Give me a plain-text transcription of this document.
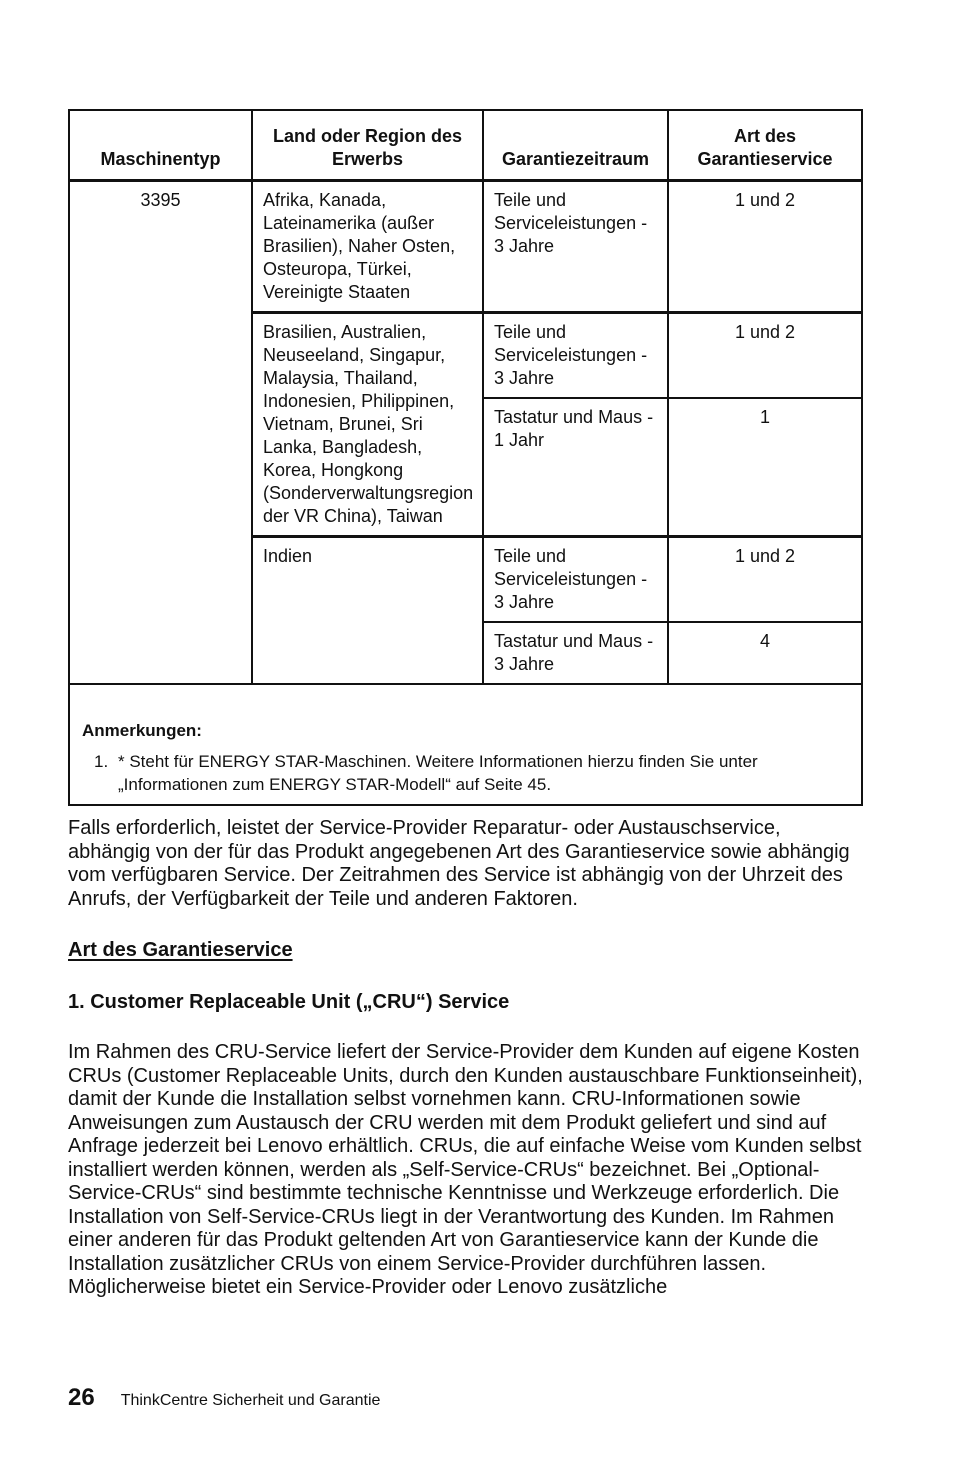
Maschinentyp	Land oder Region des Erwerbs	Garantiezeitraum	Art des Garantieservice
3395	Afrika, Kanada, Lateinamerika (außer Brasilien), Naher Osten, Osteuropa, Türkei, Vereinigte Staaten	Teile und Serviceleistungen - 3 Jahre	1 und 2
	Brasilien, Australien, Neuseeland, Singapur, Malaysia, Thailand, Indonesien, Philippinen, Vietnam, Brunei, Sri Lanka, Bangladesh, Korea, Hongkong (Sonderverwaltungsregion der VR China), Taiwan	Teile und Serviceleistungen - 3 Jahre	1 und 2
		Tastatur und Maus - 1 Jahr	1
	Indien	Teile und Serviceleistungen - 3 Jahre	1 und 2
		Tastatur und Maus - 3 Jahre	4

Anmerkungen:
1. * Steht für ENERGY STAR-Maschinen. Weitere Informationen hierzu finden Sie unter „Informationen zum ENERGY STAR-Modell“ auf Seite 45.			

Falls erforderlich, leistet der Service-Provider Reparatur- oder Austauschservice, abhängig von der für das Produkt angegebenen Art des Garantieservice sowie abhängig vom verfügbaren Service. Der Zeitrahmen des Service ist abhängig von der Uhrzeit des Anrufs, der Verfügbarkeit der Teile und anderen Faktoren.

Art des Garantieservice
1. Customer Replaceable Unit („CRU“) Service

Im Rahmen des CRU-Service liefert der Service-Provider dem Kunden auf eigene Kosten CRUs (Customer Replaceable Units, durch den Kunden austauschbare Funktionseinheit), damit der Kunde die Installation selbst vornehmen kann. CRU-Informationen sowie Anweisungen zum Austausch der CRU werden mit dem Produkt geliefert und sind auf Anfrage jederzeit bei Lenovo erhältlich. CRUs, die auf einfache Weise vom Kunden selbst installiert werden können, werden als „Self-Service-CRUs“ bezeichnet. Bei „Optional-Service-CRUs“ sind bestimmte technische Kenntnisse und Werkzeuge erforderlich. Die Installation von Self-Service-CRUs liegt in der Verantwortung des Kunden. Im Rahmen einer anderen für das Produkt geltenden Art von Garantieservice kann der Kunde die Installation zusätzlicher CRUs von einem Service-Provider durchführen lassen. Möglicherweise bietet ein Service-Provider oder Lenovo zusätzliche

26 ThinkCentre Sicherheit und Garantie
